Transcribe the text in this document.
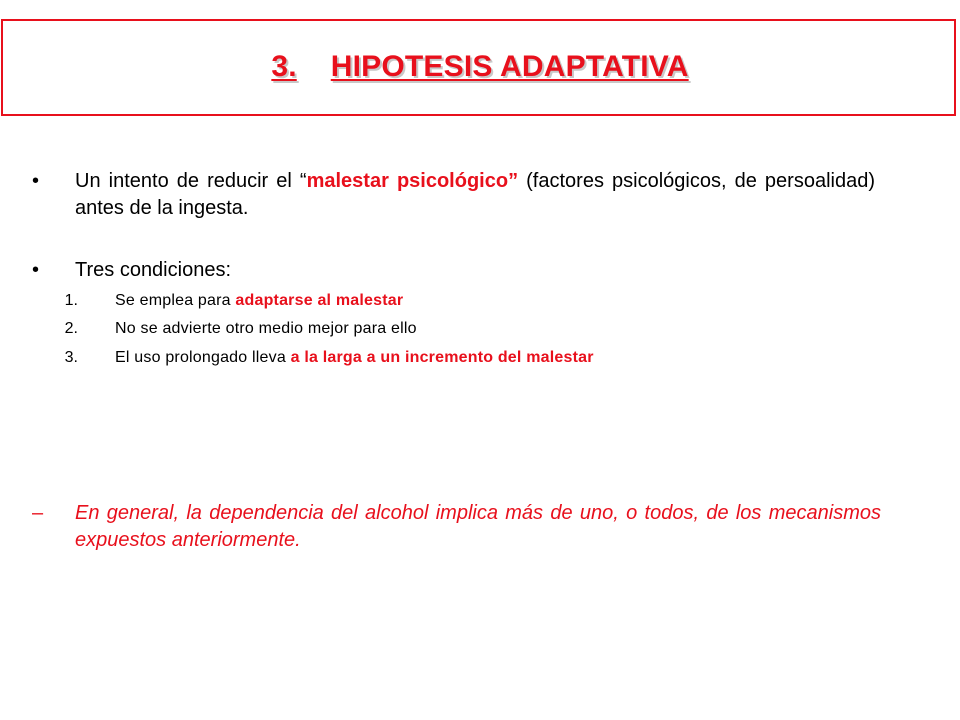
3. HIPOTESIS ADAPTATIVA
• Un intento de reducir el “malestar psicológico” (factores psicológicos, de persoalidad) antes de la ingesta.
• Tres condiciones:
1. Se emplea para adaptarse al malestar
2. No se advierte otro medio mejor para ello
3. El uso prolongado lleva a la larga a un incremento del malestar
– En general, la dependencia del alcohol implica más de uno, o todos, de los mecanismos expuestos anteriormente.
